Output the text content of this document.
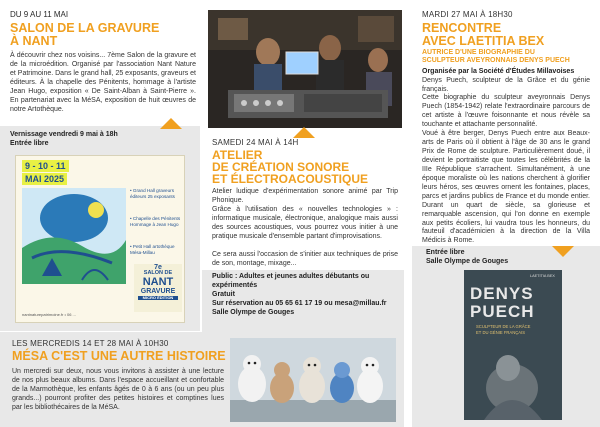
DU 9 AU 11 MAI
SALON DE LA GRAVURE
À NANT
À découvrir chez nos voisins... 7ème Salon de la gravure et de la microédition. Organisé par l'association Nant Nature et Patrimoine. Dans le grand hall, 25 exposants, graveurs et éditeurs. À la chapelle des Pénitents, hommage à l'artiste Jean Hugo, exposition « De Saint-Alban à Saint-Pierre ». En partenariat avec la MéSA, exposition de huit œuvres de notre Artothèque.
Vernissage vendredi 9 mai à 18h
Entrée libre
9 - 10 - 11
MAI 2025
• Grand Hall graveurs éditeurs 25 exposants
• Chapelle des Pénitents Hommage à Jean Hugo
• Petit Hall artothèque Mésa-Millau
7e
SALON DE
NANT
GRAVURE
MICRO ÉDITION
nantnaturepatrimoine.fr • 06 ...
SAMEDI 24 MAI À 14H
ATELIER
DE CRÉATION SONORE
ET ÉLECTROACOUSTIQUE
Atelier ludique d'expérimentation sonore animé par Trip Phonique.
Grâce à l'utilisation des « nouvelles technologies » : informatique musicale, électronique, analogique mais aussi des sources acoustiques, vous pourrez vous initier à une pratique musicale d'ensemble partant d'improvisations.
Ce sera aussi l'occasion de s'initier aux techniques de prise de son, montage, mixage...
Public : Adultes et jeunes adultes débutants ou expérimentés
Gratuit
Sur réservation au 05 65 61 17 19 ou mesa@millau.fr
Salle Olympe de Gouges
MARDI 27 MAI À 18H30
RENCONTRE
AVEC LAETITIA BEX
AUTRICE D'UNE BIOGRAPHIE DU
SCULPTEUR AVEYRONNAIS DENYS PUECH
Organisée par la Société d'Études Millavoises
Denys Puech, sculpteur de la Grâce et du génie français.
Cette biographie du sculpteur aveyronnais Denys Puech (1854-1942) relate l'extraordinaire parcours de cet artiste à l'œuvre foisonnante et nous révèle sa touchante et attachante personnalité.
Voué à être berger, Denys Puech entre aux Beaux-arts de Paris où il obtient à l'âge de 30 ans le grand Prix de Rome de sculpture. Particulièrement doué, il devient le portraitiste que toutes les célébrités de la IIIe République s'arrachent. Simultanément, à une époque moraliste où les nations cherchent à glorifier leurs héros, ses œuvres ornent les fontaines, places, parcs et jardins publics de France et du monde entier. Durant un quart de siècle, sa glorieuse et remarquable ascension, qui l'on donne en exemple aux petits écoliers, lui vaudra tous les honneurs, du fauteuil d'académicien à la direction de la Villa Médicis à Rome.
Entrée libre
Salle Olympe de Gouges
LAETITIA BEX
DENYS
PUECH
SCULPTEUR DE LA GRÂCE
ET DU GÉNIE FRANÇAIS
LES MERCREDIS 14 ET 28 MAI À 10H30
MÉSA C'EST UNE AUTRE HISTOIRE
Un mercredi sur deux, nous vous invitons à assister à une lecture de nos plus beaux albums. Dans l'espace accueillant et confortable de la Marmothèque, les enfants âgés de 0 à 6 ans (ou un peu plus grands...) pourront profiter des petites histoires et comptines lues par les bibliothécaires de la MéSA.
